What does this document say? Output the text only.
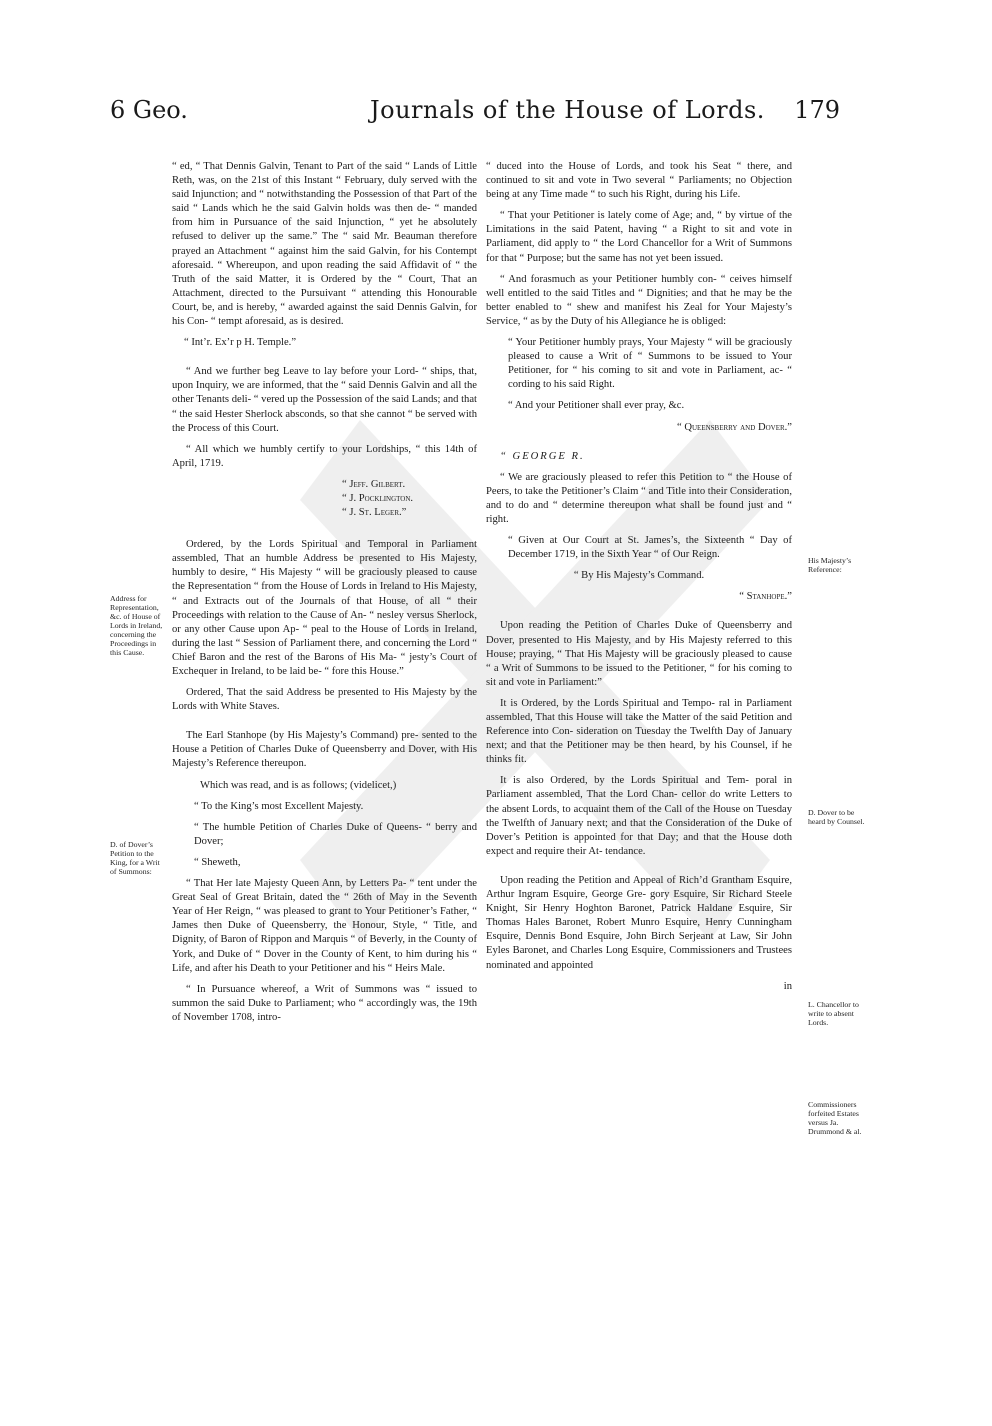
6 Geo.	Journals of the House of Lords. 179
Address for Representation, &c. of House of Lords in Ireland, concerning the Proceedings in this Cause.
D. of Dover’s Petition to the King, for a Writ of Summons:
His Majesty’s Reference:
D. Dover to be heard by Counsel.
L. Chancellor to write to absent Lords.
Commissioners forfeited Estates versus Ja. Drummond & al.

“ ed, “ That Dennis Galvin, Tenant to Part of the said “ Lands of Little Reth, was, on the 21st of this Instant “ February, duly served with the said Injunction; and “ notwithstanding the Possession of that Part of the said “ Lands which he the said Galvin holds was then de- “ manded from him in Pursuance of the said Injunction, “ yet he absolutely refused to deliver up the same.” The “ said Mr. Beauman therefore prayed an Attachment “ against him the said Galvin, for his Contempt aforesaid. “ Whereupon, and upon reading the said Affidavit of “ the Truth of the said Matter, it is Ordered by the “ Court, That an Attachment, directed to the Pursuivant “ attending this Honourable Court, be, and is hereby, “ awarded against the said Dennis Galvin, for his Con- “ tempt aforesaid, as is desired.

“ Int’r. Ex’r p H. Temple.”

“ And we further beg Leave to lay before your Lord- “ ships, that, upon Inquiry, we are informed, that the “ said Dennis Galvin and all the other Tenants deli- “ vered up the Possession of the said Lands; and that “ the said Hester Sherlock absconds, so that she cannot “ be served with the Process of this Court.

“ All which we humbly certify to your Lordships, “ this 14th of April, 1719.

“ Jeff. Gilbert.

“ J. Pocklington.

“ J. St. Leger.”

Ordered, by the Lords Spiritual and Temporal in Parliament assembled, That an humble Address be presented to His Majesty, humbly to desire, “ His Majesty “ will be graciously pleased to cause the Representation “ from the House of Lords in Ireland to His Majesty, “ and Extracts out of the Journals of that House, of all “ their Proceedings with relation to the Cause of An- “ nesley versus Sherlock, or any other Cause upon Ap- “ peal to the House of Lords in Ireland, during the last “ Session of Parliament there, and concerning the Lord “ Chief Baron and the rest of the Barons of His Ma- “ jesty’s Court of Exchequer in Ireland, to be laid be- “ fore this House.”

Ordered, That the said Address be presented to His Majesty by the Lords with White Staves.

The Earl Stanhope (by His Majesty’s Command) pre- sented to the House a Petition of Charles Duke of Queensberry and Dover, with His Majesty’s Reference thereupon.

Which was read, and is as follows; (videlicet,)

“ To the King’s most Excellent Majesty.

“ The humble Petition of Charles Duke of Queens- “ berry and Dover;

“ Sheweth,

“ That Her late Majesty Queen Ann, by Letters Pa- “ tent under the Great Seal of Great Britain, dated the “ 26th of May in the Seventh Year of Her Reign, “ was pleased to grant to Your Petitioner’s Father, “ James then Duke of Queensberry, the Honour, Style, “ Title, and Dignity, of Baron of Rippon and Marquis “ of Beverly, in the County of York, and Duke of “ Dover in the County of Kent, to him during his “ Life, and after his Death to your Petitioner and his “ Heirs Male.

“ In Pursuance whereof, a Writ of Summons was “ issued to summon the said Duke to Parliament; who “ accordingly was, the 19th of November 1708, intro-

“ duced into the House of Lords, and took his Seat “ there, and continued to sit and vote in Two several “ Parliaments; no Objection being at any Time made “ to such his Right, during his Life.

“ That your Petitioner is lately come of Age; and, “ by virtue of the Limitations in the said Patent, having “ a Right to sit and vote in Parliament, did apply to “ the Lord Chancellor for a Writ of Summons for that “ Purpose; but the same has not yet been issued.

“ And forasmuch as your Petitioner humbly con- “ ceives himself well entitled to the said Titles and “ Dignities; and that he may be the better enabled to “ shew and manifest his Zeal for Your Majesty’s Service, “ as by the Duty of his Allegiance he is obliged:

“ Your Petitioner humbly prays, Your Majesty “ will be graciously pleased to cause a Writ of “ Summons to be issued to Your Petitioner, for “ his coming to sit and vote in Parliament, ac- “ cording to his said Right.

“ And your Petitioner shall ever pray, &c.

“ Queensberry and Dover.”

“ GEORGE R.

“ We are graciously pleased to refer this Petition to “ the House of Peers, to take the Petitioner’s Claim “ and Title into their Consideration, and to do and “ determine thereupon what shall be found just and “ right.

“ Given at Our Court at St. James’s, the Sixteenth “ Day of December 1719, in the Sixth Year “ of Our Reign.

“ By His Majesty’s Command.

“ Stanhope.”

Upon reading the Petition of Charles Duke of Queensberry and Dover, presented to His Majesty, and by His Majesty referred to this House; praying, “ That His Majesty will be graciously pleased to cause “ a Writ of Summons to be issued to the Petitioner, “ for his coming to sit and vote in Parliament:”

It is Ordered, by the Lords Spiritual and Tempo- ral in Parliament assembled, That this House will take the Matter of the said Petition and Reference into Con- sideration on Tuesday the Twelfth Day of January next; and that the Petitioner may be then heard, by his Counsel, if he thinks fit.

It is also Ordered, by the Lords Spiritual and Tem- poral in Parliament assembled, That the Lord Chan- cellor do write Letters to the absent Lords, to acquaint them of the Call of the House on Tuesday the Twelfth of January next; and that the Consideration of the Duke of Dover’s Petition is appointed for that Day; and that the House doth expect and require their At- tendance.

Upon reading the Petition and Appeal of Rich’d Grantham Esquire, Arthur Ingram Esquire, George Gre- gory Esquire, Sir Richard Steele Knight, Sir Henry Hoghton Baronet, Patrick Haldane Esquire, Sir Thomas Hales Baronet, Robert Munro Esquire, Henry Cunningham Esquire, Dennis Bond Esquire, John Birch Serjeant at Law, Sir John Eyles Baronet, and Charles Long Esquire, Commissioners and Trustees nominated and appointed

in
